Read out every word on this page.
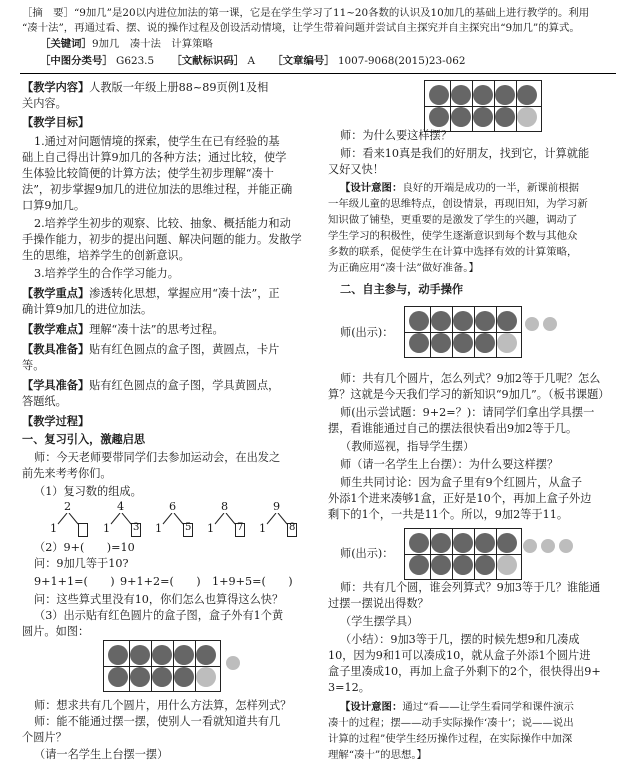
［摘　要］“9加几”是20以内进位加法的第一课，它是在学生学习了11~20各数的认识及10加几的基础上进行教学的。利用
“凑十法”，再通过看、摆、说的操作过程及创设活动情境，让学生带着问题并尝试自主探究并自主探究出“9加几”的算式。
［关键词］9加几　凑十法　计算策略
［中图分类号］ G623.5 ［文献标识码］ A ［文章编号］ 1007-9068(2015)23-062
【教学内容】人教版一年级上册88~89页例1及相
关内容。
【教学目标】
1.通过对问题情境的探索，使学生在已有经验的基
础上自己得出计算9加几的各种方法；通过比较，使学
生体验比较简便的计算方法；使学生初步理解“凑十
法”，初步掌握9加几的进位加法的思维过程，并能正确
口算9加几。
2.培养学生初步的观察、比较、抽象、概括能力和动
手操作能力，初步的提出问题、解决问题的能力。发散学
生的思维，培养学生的创新意识。
3.培养学生的合作学习能力。
【教学重点】渗透转化思想，掌握应用“凑十法”，正
确计算9加几的进位加法。
【教学难点】理解“凑十法”的思考过程。
【教具准备】贴有红色圆点的盒子图，黄圆点，卡片
等。
【学具准备】贴有红色圆点的盒子图，学具黄圆点，
答题纸。
【教学过程】
一、复习引入，激趣启思
师：今天老师要带同学们去参加运动会，在出发之
前先来考考你们。
（1）复习数的组成。
2
1
4
1 3
6
1 5
8
1 7
9
1 8
（2）9+(　　)=10
问：9加几等于10?
9+1+1=(　　) 9+1+2=(　　) 1+9+5=(　　)
问：这些算式里没有10，你们怎么也算得这么快？
（3）出示贴有红色圆片的盒子图，盒子外有1个黄
圆片。如图：
师：想求共有几个圆片，用什么方法算，怎样列式？
师：能不能通过摆一摆，使别人一看就知道共有几
个圆片？
（请一名学生上台摆一摆）
师：为什么要这样摆？
师：看来10真是我们的好朋友，找到它，计算就能
又好又快！
【设计意图：良好的开端是成功的一半，新课前根据
一年级儿童的思维特点，创设情景，再现旧知，为学习新
知识做了铺垫，更重要的是激发了学生的兴趣，调动了
学生学习的积极性，使学生逐渐意识到每个数与其他众
多数的联系，促使学生在计算中选择有效的计算策略，
为正确应用“凑十法”做好准备。】
二、自主参与，动手操作
师(出示)：
师：共有几个圆片，怎么列式？9加2等于几呢？怎么
算？这就是今天我们学习的新知识“9加几”。（板书课题）
师(出示尝试题：9+2=？)：请同学们拿出学具摆一
摆，看谁能通过自己的摆法很快看出9加2等于几。
（教师巡视，指导学生摆）
师（请一名学生上台摆）：为什么要这样摆？
师生共同讨论：因为盒子里有9个红圆片，从盒子
外添1个进来凑够1盒，正好是10个，再加上盒子外边
剩下的1个，一共是11个。所以，9加2等于11。
师(出示)：
师：共有几个圆，谁会列算式？9加3等于几？谁能通
过摆一摆说出得数？
（学生摆学具）
（小结）：9加3等于几，摆的时候先想9和几凑成
10，因为9和1可以凑成10，就从盒子外添1个圆片进
盒子里凑成10，再加上盒子外剩下的2个，很快得出9+
3=12。
【设计意图：通过“看——让学生看同学和课件演示
凑十的过程；摆——动手实际操作‘凑十’；说——说出
计算的过程”使学生经历操作过程，在实际操作中加深
理解“凑十”的思想。】
